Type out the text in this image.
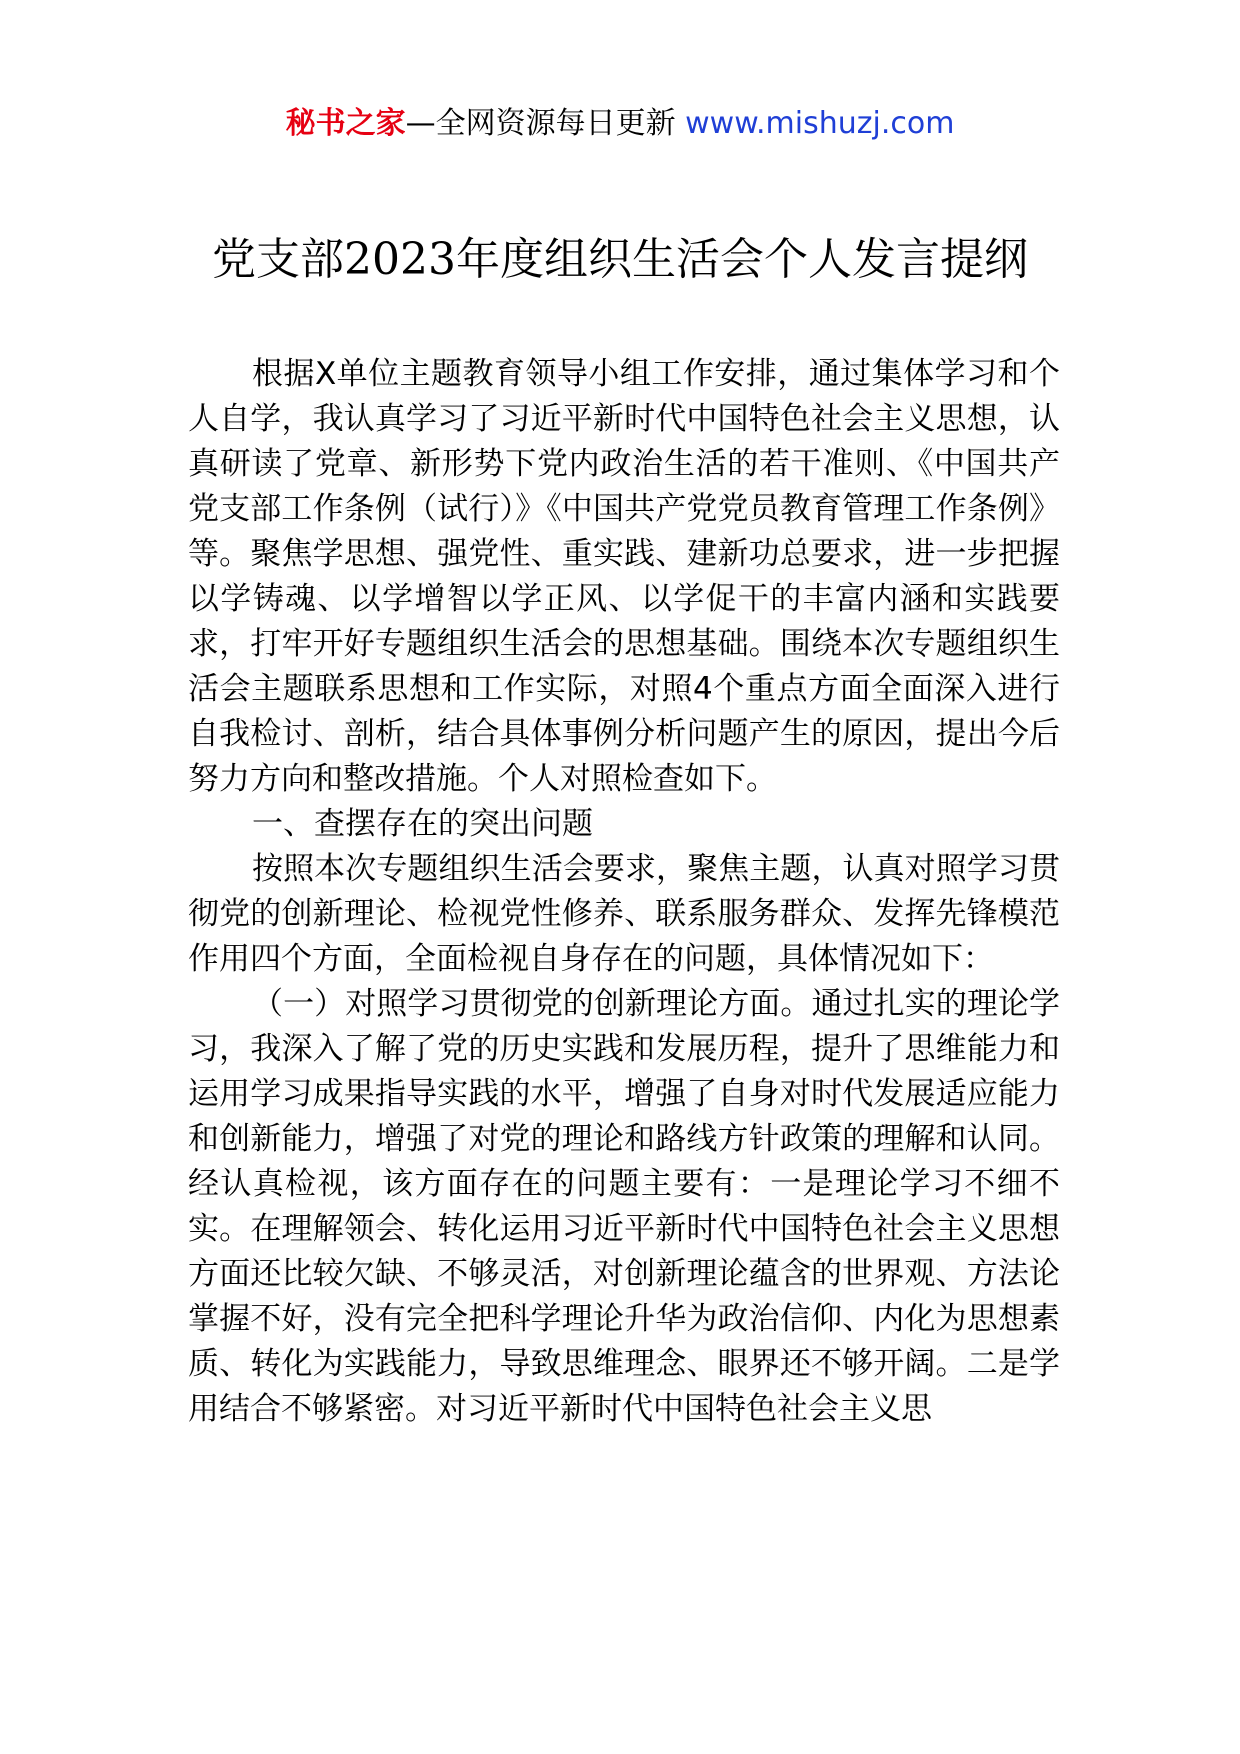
秘书之家—全网资源每日更新 www.mishuzj.com
党支部2023年度组织生活会个人发言提纲

根据X单位主题教育领导小组工作安排，通过集体学习和个人自学，我认真学习了习近平新时代中国特色社会主义思想，认真研读了党章、新形势下党内政治生活的若干准则、《中国共产党支部工作条例（试行）》《中国共产党党员教育管理工作条例》等。聚焦学思想、强党性、重实践、建新功总要求，进一步把握以学铸魂、以学增智以学正风、以学促干的丰富内涵和实践要求，打牢开好专题组织生活会的思想基础。围绕本次专题组织生活会主题联系思想和工作实际，对照4个重点方面全面深入进行自我检讨、剖析，结合具体事例分析问题产生的原因，提出今后努力方向和整改措施。个人对照检查如下。

一、查摆存在的突出问题

按照本次专题组织生活会要求，聚焦主题，认真对照学习贯彻党的创新理论、检视党性修养、联系服务群众、发挥先锋模范作用四个方面，全面检视自身存在的问题，具体情况如下：

（一）对照学习贯彻党的创新理论方面。通过扎实的理论学习，我深入了解了党的历史实践和发展历程，提升了思维能力和运用学习成果指导实践的水平，增强了自身对时代发展适应能力和创新能力，增强了对党的理论和路线方针政策的理解和认同。经认真检视，该方面存在的问题主要有：一是理论学习不细不实。在理解领会、转化运用习近平新时代中国特色社会主义思想方面还比较欠缺、不够灵活，对创新理论蕴含的世界观、方法论掌握不好，没有完全把科学理论升华为政治信仰、内化为思想素质、转化为实践能力，导致思维理念、眼界还不够开阔。二是学用结合不够紧密。对习近平新时代中国特色社会主义思
